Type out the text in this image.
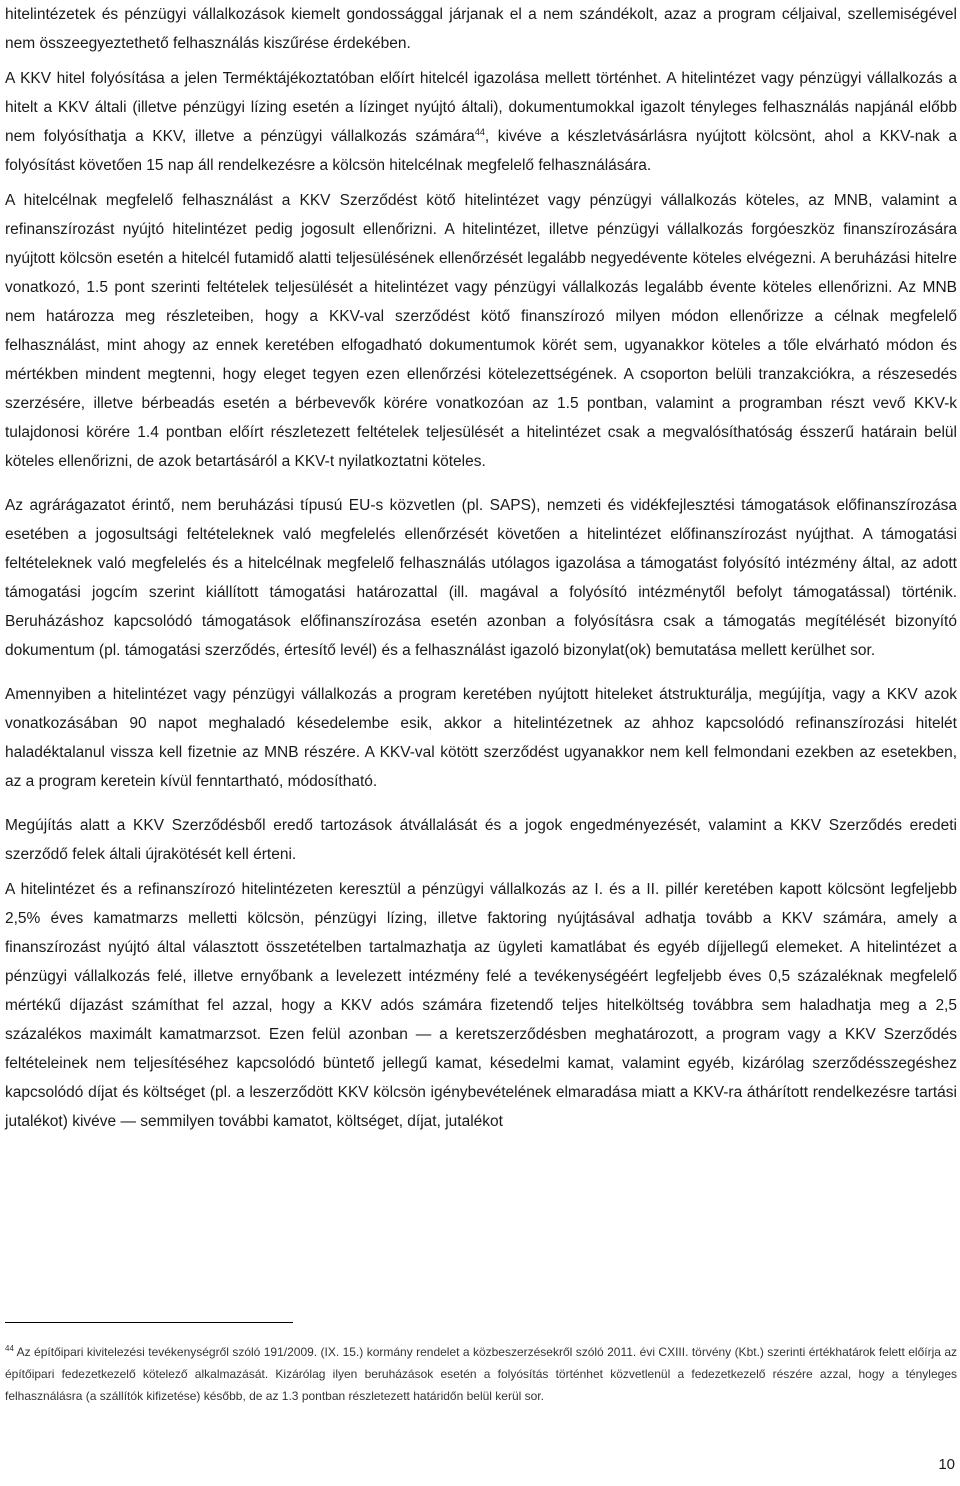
hitelintézetek és pénzügyi vállalkozások kiemelt gondossággal járjanak el a nem szándékolt, azaz a program céljaival, szellemiségével nem összeegyeztethető felhasználás kiszűrése érdekében.

A KKV hitel folyósítása a jelen Terméktájékoztatóban előírt hitelcél igazolása mellett történhet. A hitelintézet vagy pénzügyi vállalkozás a hitelt a KKV általi (illetve pénzügyi lízing esetén a lízinget nyújtó általi), dokumentumokkal igazolt tényleges felhasználás napjánál előbb nem folyósíthatja a KKV, illetve a pénzügyi vállalkozás számára$^{44}$, kivéve a készletvásárlásra nyújtott kölcsönt, ahol a KKV-nak a folyósítást követően 15 nap áll rendelkezésre a kölcsön hitelcélnak megfelelő felhasználására.

A hitelcélnak megfelelő felhasználást a KKV Szerződést kötő hitelintézet vagy pénzügyi vállalkozás köteles, az MNB, valamint a refinanszírozást nyújtó hitelintézet pedig jogosult ellenőrizni. A hitelintézet, illetve pénzügyi vállalkozás forgóeszköz finanszírozására nyújtott kölcsön esetén a hitelcél futamidő alatti teljesülésének ellenőrzését legalább negyedévente köteles elvégezni. A beruházási hitelre vonatkozó, 1.5 pont szerinti feltételek teljesülését a hitelintézet vagy pénzügyi vállalkozás legalább évente köteles ellenőrizni. Az MNB nem határozza meg részleteiben, hogy a KKV-val szerződést kötő finanszírozó milyen módon ellenőrizze a célnak megfelelő felhasználást, mint ahogy az ennek keretében elfogadható dokumentumok körét sem, ugyanakkor köteles a tőle elvárható módon és mértékben mindent megtenni, hogy eleget tegyen ezen ellenőrzési kötelezettségének. A csoporton belüli tranzakciókra, a részesedés szerzésére, illetve bérbeadás esetén a bérbevevők körére vonatkozóan az 1.5 pontban, valamint a programban részt vevő KKV-k tulajdonosi körére 1.4 pontban előírt részletezett feltételek teljesülését a hitelintézet csak a megvalósíthatóság ésszerű határain belül köteles ellenőrizni, de azok betartásáról a KKV-t nyilatkoztatni köteles.

Az agrárágazatot érintő, nem beruházási típusú EU-s közvetlen (pl. SAPS), nemzeti és vidékfejlesztési támogatások előfinanszírozása esetében a jogosultsági feltételeknek való megfelelés ellenőrzését követően a hitelintézet előfinanszírozást nyújthat. A támogatási feltételeknek való megfelelés és a hitelcélnak megfelelő felhasználás utólagos igazolása a támogatást folyósító intézmény által, az adott támogatási jogcím szerint kiállított támogatási határozattal (ill. magával a folyósító intézménytől befolyt támogatással) történik. Beruházáshoz kapcsolódó támogatások előfinanszírozása esetén azonban a folyósításra csak a támogatás megítélését bizonyító dokumentum (pl. támogatási szerződés, értesítő levél) és a felhasználást igazoló bizonylat(ok) bemutatása mellett kerülhet sor.

Amennyiben a hitelintézet vagy pénzügyi vállalkozás a program keretében nyújtott hiteleket átstrukturálja, megújítja, vagy a KKV azok vonatkozásában 90 napot meghaladó késedelembe esik, akkor a hitelintézetnek az ahhoz kapcsolódó refinanszírozási hitelét haladéktalanul vissza kell fizetnie az MNB részére. A KKV-val kötött szerződést ugyanakkor nem kell felmondani ezekben az esetekben, az a program keretein kívül fenntartható, módosítható.

Megújítás alatt a KKV Szerződésből eredő tartozások átvállalását és a jogok engedményezését, valamint a KKV Szerződés eredeti szerződő felek általi újrakötését kell érteni.

A hitelintézet és a refinanszírozó hitelintézeten keresztül a pénzügyi vállalkozás az I. és a II. pillér keretében kapott kölcsönt legfeljebb 2,5% éves kamatmarzs melletti kölcsön, pénzügyi lízing, illetve faktoring nyújtásával adhatja tovább a KKV számára, amely a finanszírozást nyújtó által választott összetételben tartalmazhatja az ügyleti kamatlábat és egyéb díjjellegű elemeket. A hitelintézet a pénzügyi vállalkozás felé, illetve ernyőbank a levelezett intézmény felé a tevékenységéért legfeljebb éves 0,5 százaléknak megfelelő mértékű díjazást számíthat fel azzal, hogy a KKV adós számára fizetendő teljes hitelköltség továbbra sem haladhatja meg a 2,5 százalékos maximált kamatmarzsot. Ezen felül azonban — a keretszerződésben meghatározott, a program vagy a KKV Szerződés feltételeinek nem teljesítéséhez kapcsolódó büntető jellegű kamat, késedelmi kamat, valamint egyéb, kizárólag szerződésszegéshez kapcsolódó díjat és költséget (pl. a leszerződött KKV kölcsön igénybevételének elmaradása miatt a KKV-ra áthárított rendelkezésre tartási jutalékot) kivéve — semmilyen további kamatot, költséget, díjat, jutalékot

$^{44}$ Az építőipari kivitelezési tevékenységről szóló 191/2009. (IX. 15.) kormány rendelet a közbeszerzésekről szóló 2011. évi CXIII. törvény (Kbt.) szerinti értékhatárok felett előírja az építőipari fedezetkezelő kötelező alkalmazását. Kizárólag ilyen beruházások esetén a folyósítás történhet közvetlenül a fedezetkezelő részére azzal, hogy a tényleges felhasználásra (a szállítók kifizetése) később, de az 1.3 pontban részletezett határidőn belül kerül sor.

10
